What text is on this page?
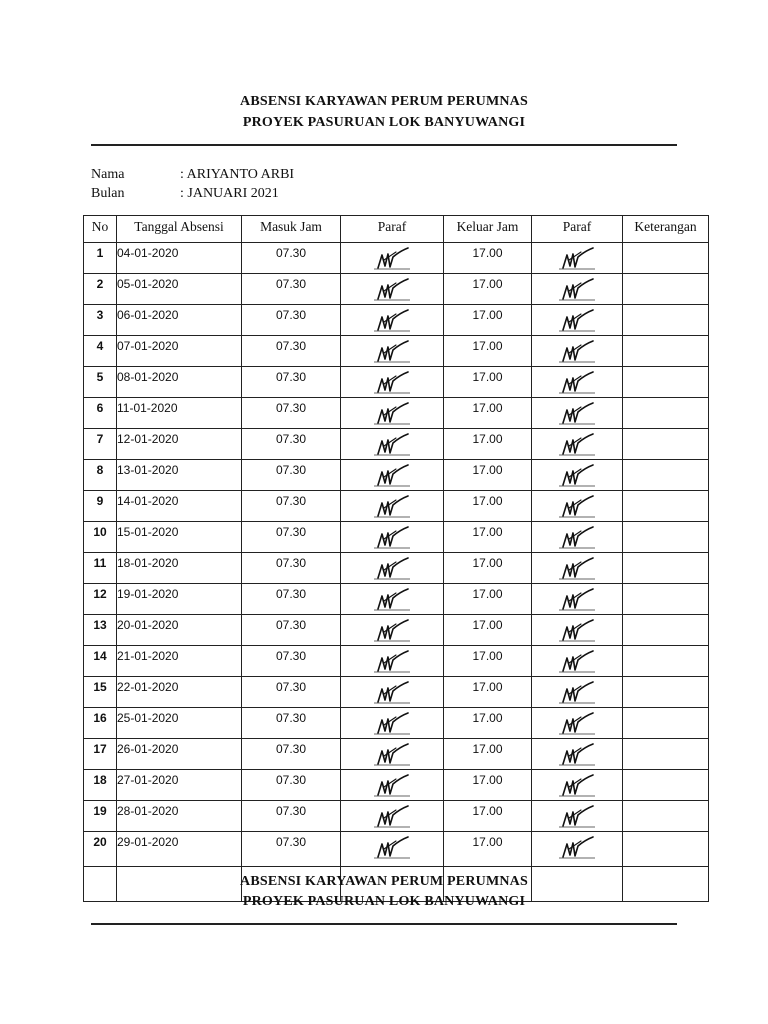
ABSENSI KARYAWAN PERUM PERUMNAS
PROYEK PASURUAN LOK BANYUWANGI
Nama	: ARIYANTO ARBI
Bulan	: JANUARI 2021
No	Tanggal Absensi	Masuk Jam	Paraf	Keluar Jam	Paraf	Keterangan
1	04-01-2020	07.30		17.00		
2	05-01-2020	07.30		17.00		
3	06-01-2020	07.30		17.00		
4	07-01-2020	07.30		17.00		
5	08-01-2020	07.30		17.00		
6	11-01-2020	07.30		17.00		
7	12-01-2020	07.30		17.00		
8	13-01-2020	07.30		17.00		
9	14-01-2020	07.30		17.00		
10	15-01-2020	07.30		17.00		
11	18-01-2020	07.30		17.00		
12	19-01-2020	07.30		17.00		
13	20-01-2020	07.30		17.00		
14	21-01-2020	07.30		17.00		
15	22-01-2020	07.30		17.00		
16	25-01-2020	07.30		17.00		
17	26-01-2020	07.30		17.00		
18	27-01-2020	07.30		17.00		
19	28-01-2020	07.30		17.00		
20	29-01-2020	07.30		17.00		

ABSENSI KARYAWAN PERUM PERUMNAS
PROYEK PASURUAN LOK BANYUWANGI
